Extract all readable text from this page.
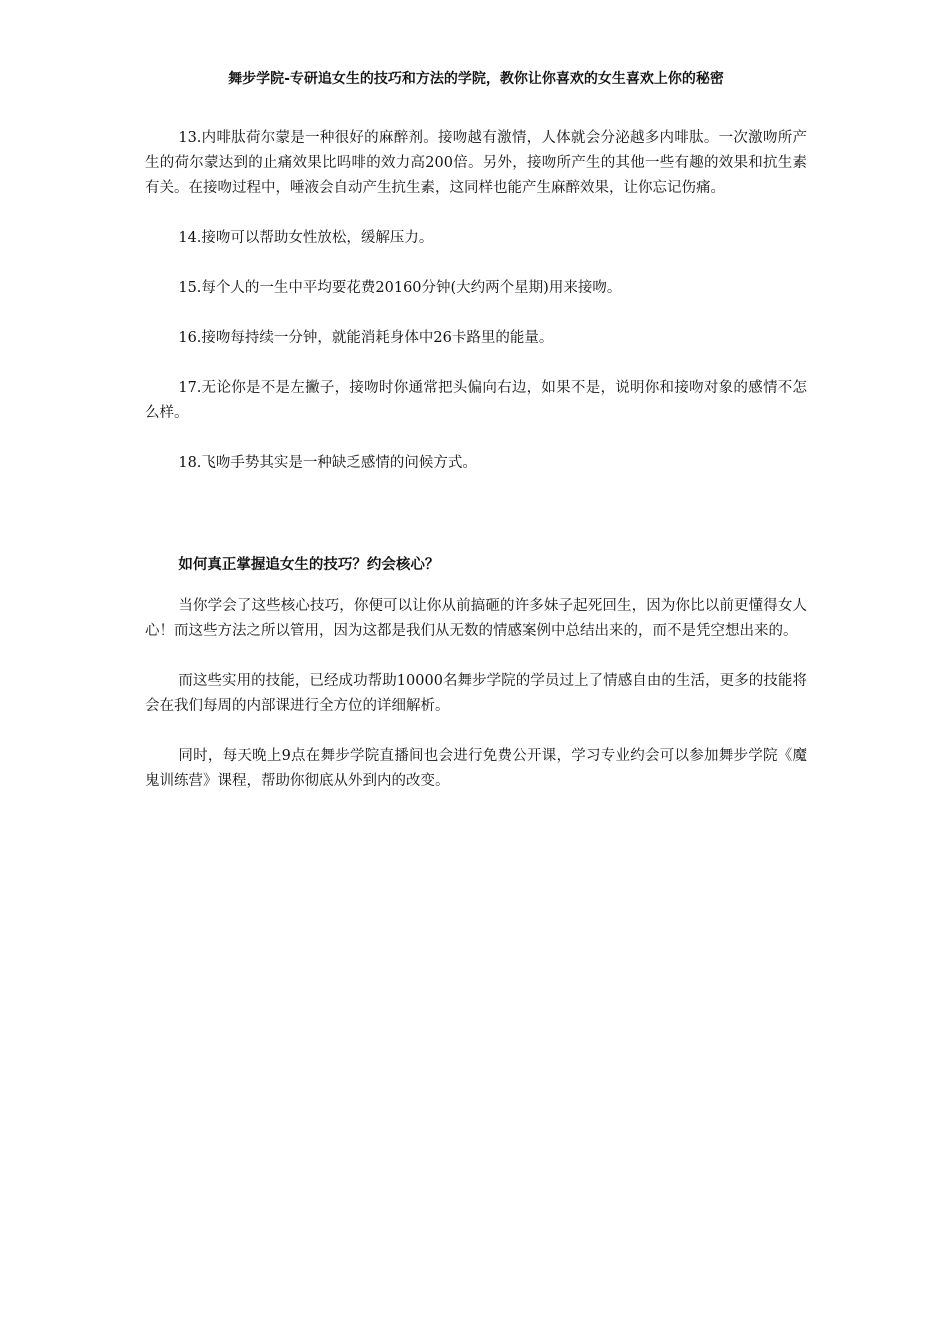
舞步学院-专研追女生的技巧和方法的学院，教你让你喜欢的女生喜欢上你的秘密

13.内啡肽荷尔蒙是一种很好的麻醉剂。接吻越有激情，人体就会分泌越多内啡肽。一次激吻所产生的荷尔蒙达到的止痛效果比吗啡的效力高200倍。另外，接吻所产生的其他一些有趣的效果和抗生素有关。在接吻过程中，唾液会自动产生抗生素，这同样也能产生麻醉效果，让你忘记伤痛。

14.接吻可以帮助女性放松，缓解压力。

15.每个人的一生中平均要花费20160分钟(大约两个星期)用来接吻。

16.接吻每持续一分钟，就能消耗身体中26卡路里的能量。

17.无论你是不是左撇子，接吻时你通常把头偏向右边，如果不是，说明你和接吻对象的感情不怎么样。

18.飞吻手势其实是一种缺乏感情的问候方式。

如何真正掌握追女生的技巧？约会核心？

当你学会了这些核心技巧，你便可以让你从前搞砸的许多妹子起死回生，因为你比以前更懂得女人心！而这些方法之所以管用，因为这都是我们从无数的情感案例中总结出来的，而不是凭空想出来的。

而这些实用的技能，已经成功帮助10000名舞步学院的学员过上了情感自由的生活，更多的技能将会在我们每周的内部课进行全方位的详细解析。

同时，每天晚上9点在舞步学院直播间也会进行免费公开课，学习专业约会可以参加舞步学院《魔鬼训练营》课程，帮助你彻底从外到内的改变。
